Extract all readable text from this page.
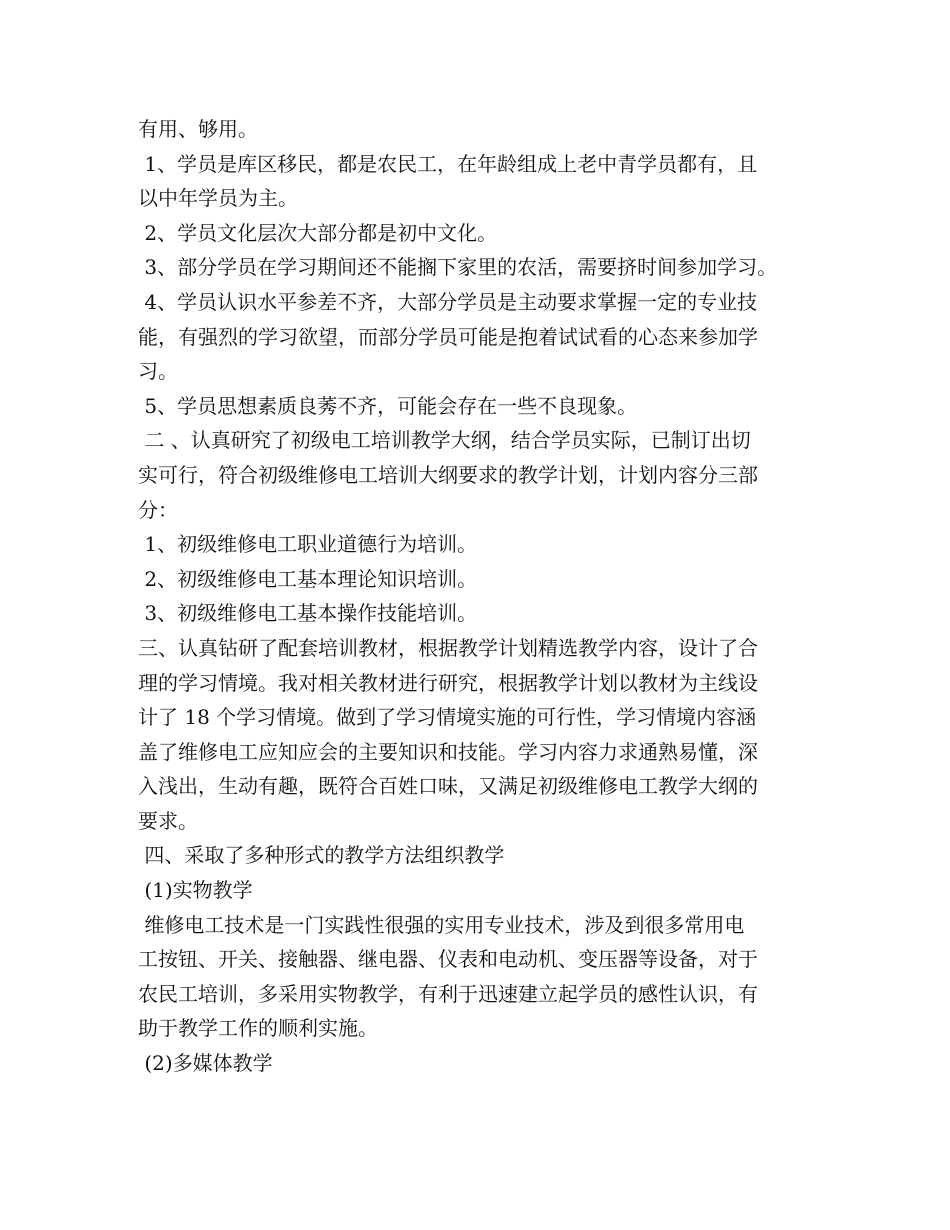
有用、够用。
1、学员是库区移民，都是农民工，在年龄组成上老中青学员都有，且
以中年学员为主。
2、学员文化层次大部分都是初中文化。
3、部分学员在学习期间还不能搁下家里的农活，需要挤时间参加学习。
4、学员认识水平参差不齐，大部分学员是主动要求掌握一定的专业技
能，有强烈的学习欲望，而部分学员可能是抱着试试看的心态来参加学
习。
5、学员思想素质良莠不齐，可能会存在一些不良现象。
二 、认真研究了初级电工培训教学大纲，结合学员实际，已制订出切
实可行，符合初级维修电工培训大纲要求的教学计划，计划内容分三部
分：
1、初级维修电工职业道德行为培训。
2、初级维修电工基本理论知识培训。
3、初级维修电工基本操作技能培训。
三、认真钻研了配套培训教材，根据教学计划精选教学内容，设计了合
理的学习情境。我对相关教材进行研究，根据教学计划以教材为主线设
计了 18 个学习情境。做到了学习情境实施的可行性，学习情境内容涵
盖了维修电工应知应会的主要知识和技能。学习内容力求通熟易懂，深
入浅出，生动有趣，既符合百姓口味，又满足初级维修电工教学大纲的
要求。
四、采取了多种形式的教学方法组织教学
(1)实物教学
维修电工技术是一门实践性很强的实用专业技术，涉及到很多常用电
工按钮、开关、接触器、继电器、仪表和电动机、变压器等设备，对于
农民工培训，多采用实物教学，有利于迅速建立起学员的感性认识，有
助于教学工作的顺利实施。
(2)多媒体教学
